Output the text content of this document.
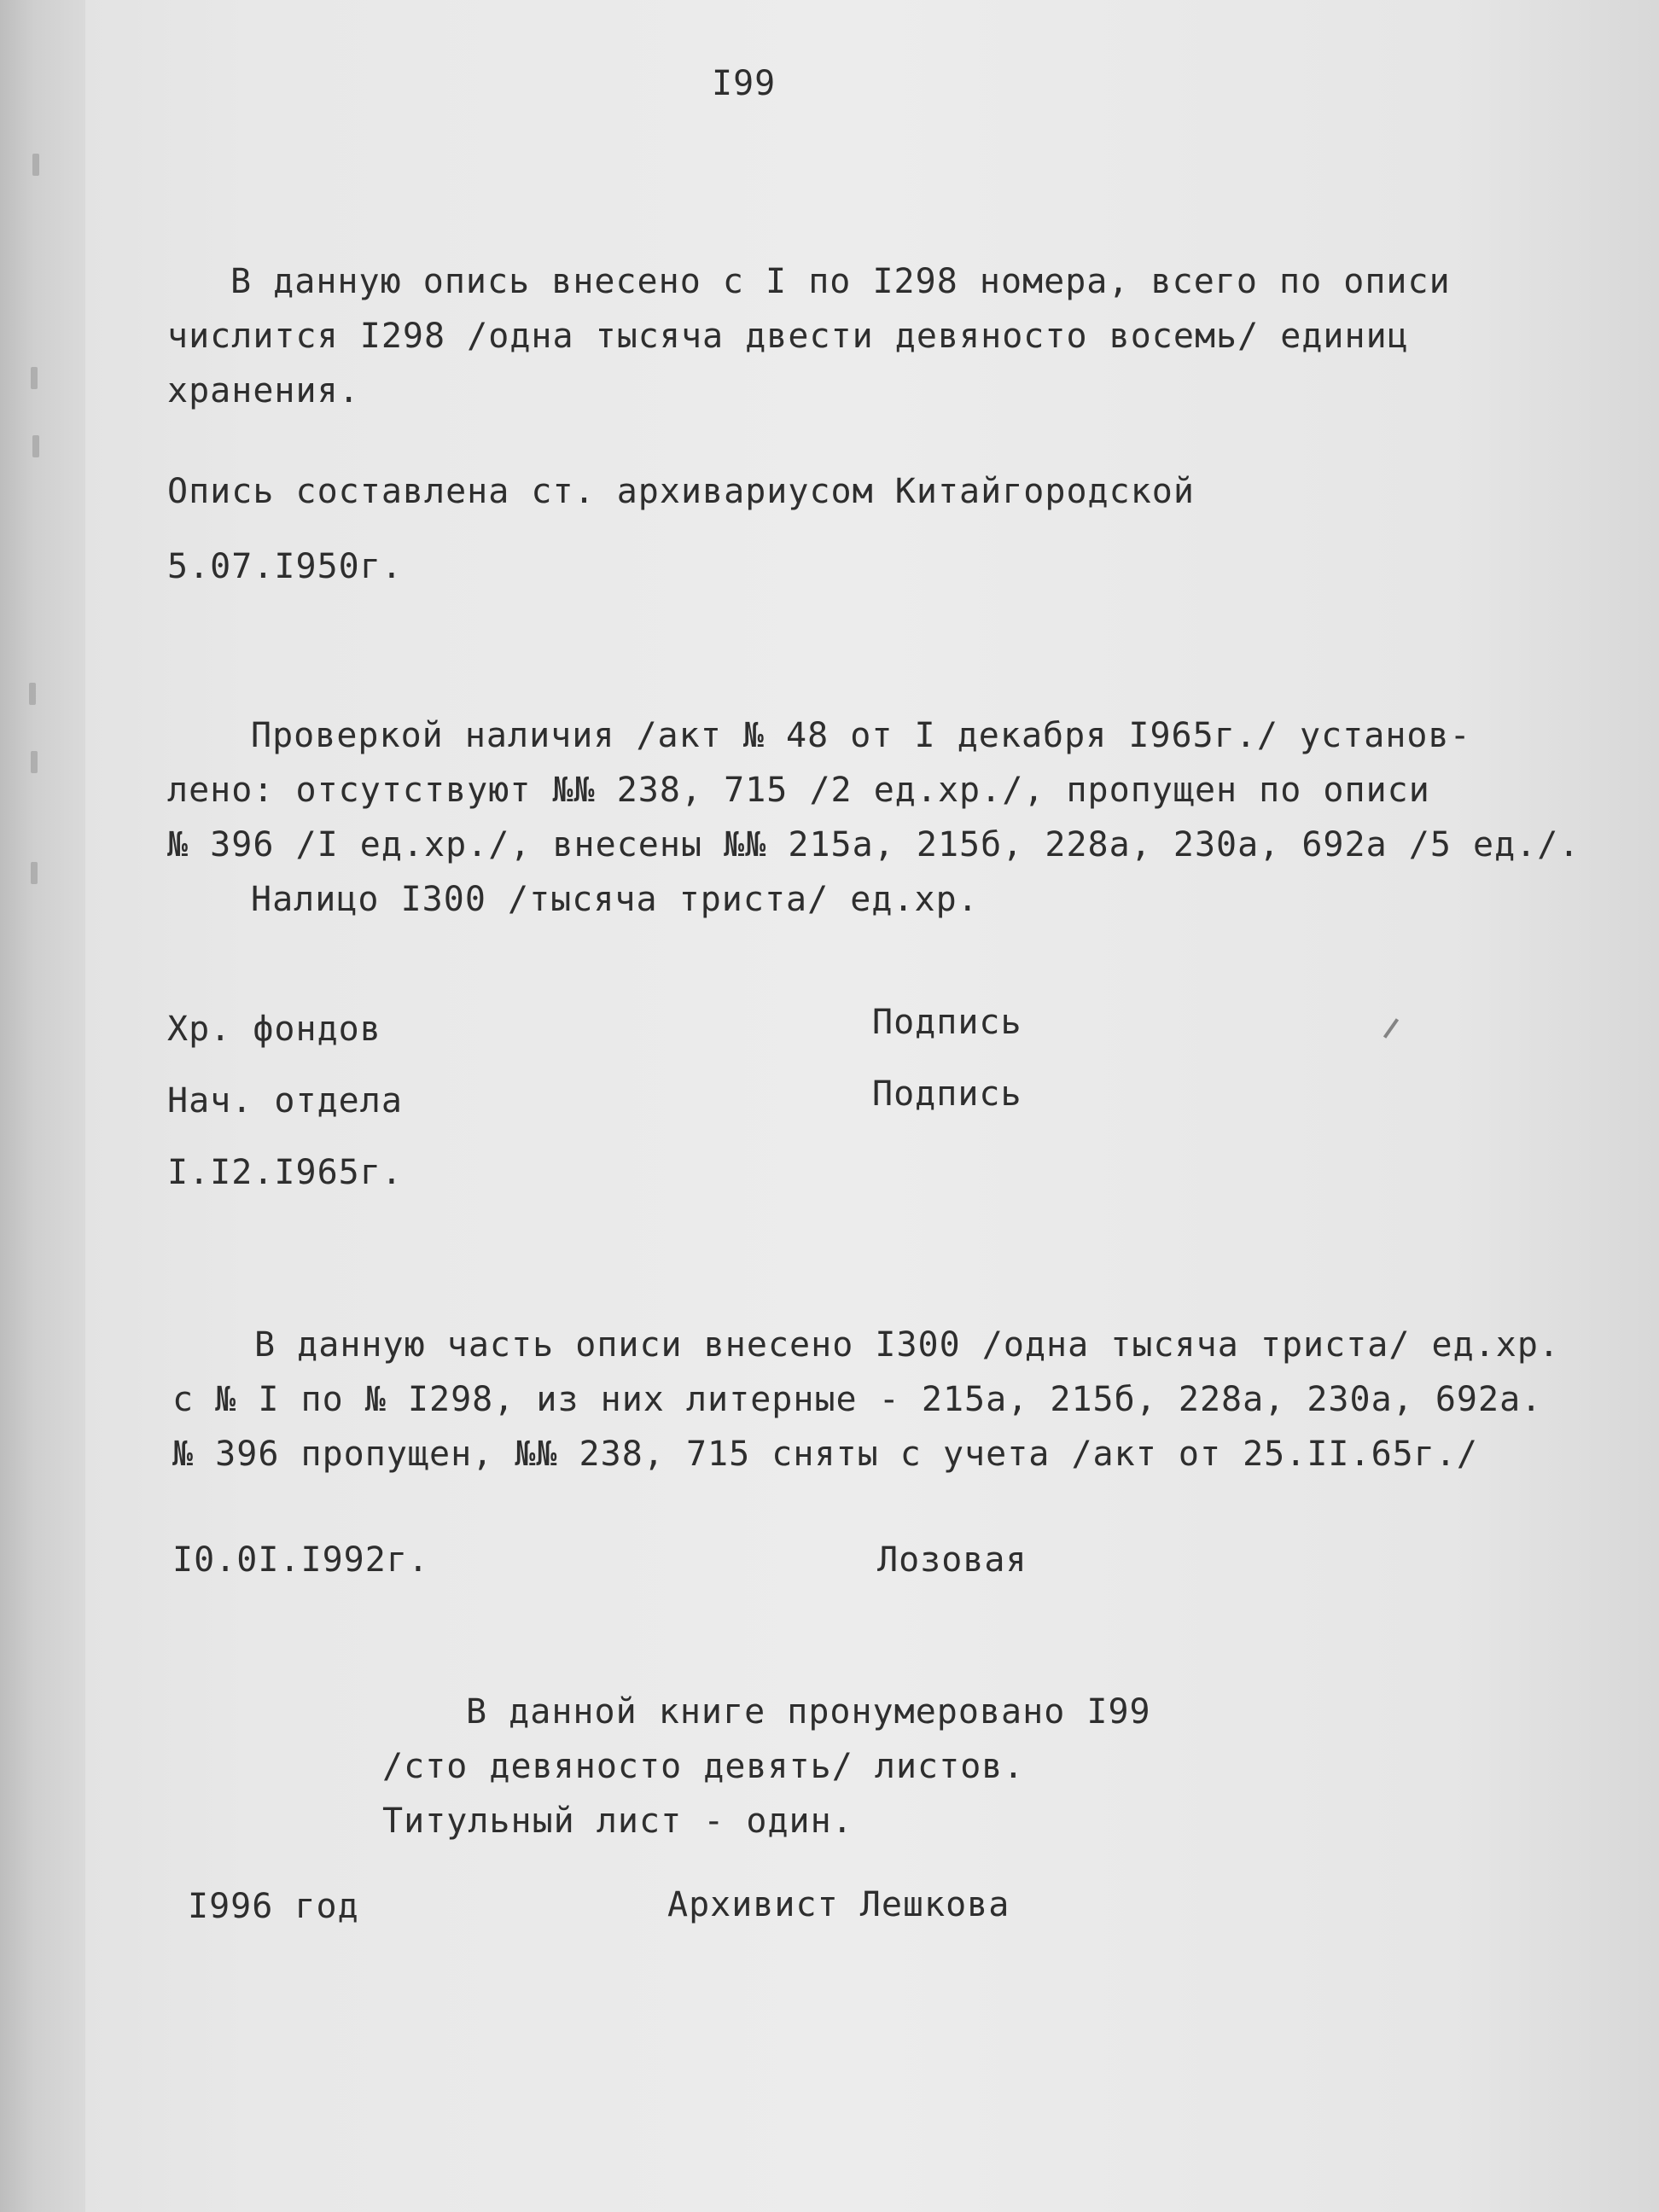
I99
В данную опись внесено с I по I298 номера, всего по описи
числится I298 /одна тысяча двести девяносто восемь/ единиц
хранения.
Опись составлена ст. архивариусом Китайгородской
5.07.I950г.
Проверкой наличия /акт № 48 от I декабря I965г./ установ-
лено: отсутствуют №№ 238, 715 /2 ед.хр./, пропущен по описи
№ 396 /I ед.хр./, внесены №№ 215а, 215б, 228а, 230а, 692а /5 ед./.
Налицо I300 /тысяча триста/ ед.хр.
Хр. фондов	Подпись
Нач. отдела	Подпись
I.I2.I965г.
В данную часть описи внесено I300 /одна тысяча триста/ ед.хр.
с № I по № I298, из них литерные - 215а, 215б, 228а, 230а, 692а.
№ 396 пропущен, №№ 238, 715 сняты с учета /акт от 25.II.65г./
I0.0I.I992г.	Лозовая
В данной книге пронумеровано I99
/сто девяносто девять/ листов.
Титульный лист - один.
I996 год	Архивист Лешкова
